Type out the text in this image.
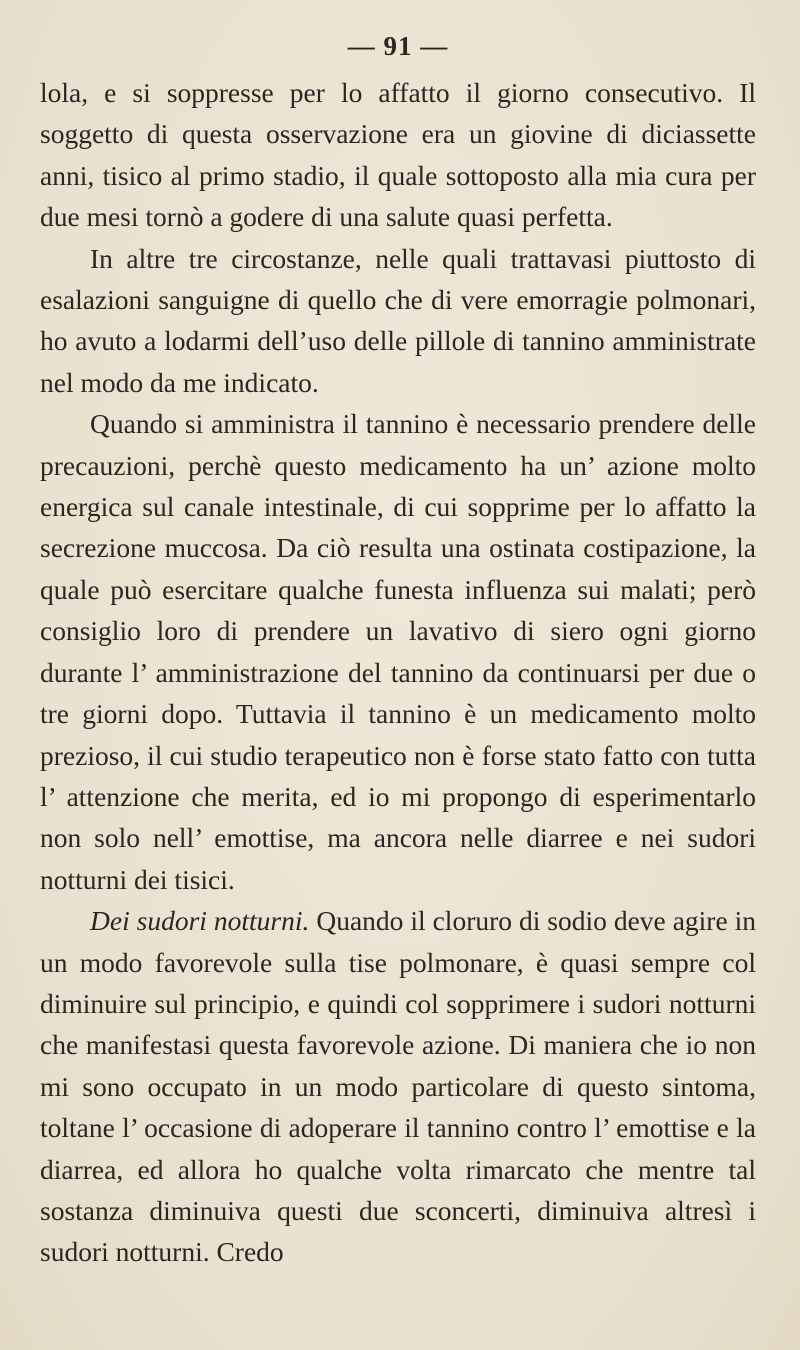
— 91 —

lola, e si soppresse per lo affatto il giorno consecutivo. Il soggetto di questa osservazione era un giovine di diciassette anni, tisico al primo stadio, il quale sottoposto alla mia cura per due mesi tornò a godere di una salute quasi perfetta.

In altre tre circostanze, nelle quali trattavasi piuttosto di esalazioni sanguigne di quello che di vere emorragie polmonari, ho avuto a lodarmi dell’uso delle pillole di tannino amministrate nel modo da me indicato.

Quando si amministra il tannino è necessario prendere delle precauzioni, perchè questo medicamento ha un’ azione molto energica sul canale intestinale, di cui sopprime per lo affatto la secrezione muccosa. Da ciò resulta una ostinata costipazione, la quale può esercitare qualche funesta influenza sui malati; però consiglio loro di prendere un lavativo di siero ogni giorno durante l’ amministrazione del tannino da continuarsi per due o tre giorni dopo. Tuttavia il tannino è un medicamento molto prezioso, il cui studio terapeutico non è forse stato fatto con tutta l’ attenzione che merita, ed io mi propongo di esperimentarlo non solo nell’ emottise, ma ancora nelle diarree e nei sudori notturni dei tisici.

Dei sudori notturni. Quando il cloruro di sodio deve agire in un modo favorevole sulla tise polmonare, è quasi sempre col diminuire sul principio, e quindi col sopprimere i sudori notturni che manifestasi questa favorevole azione. Di maniera che io non mi sono occupato in un modo particolare di questo sintoma, toltane l’ occasione di adoperare il tannino contro l’ emottise e la diarrea, ed allora ho qualche volta rimarcato che mentre tal sostanza diminuiva questi due sconcerti, diminuiva altresì i sudori notturni. Credo
